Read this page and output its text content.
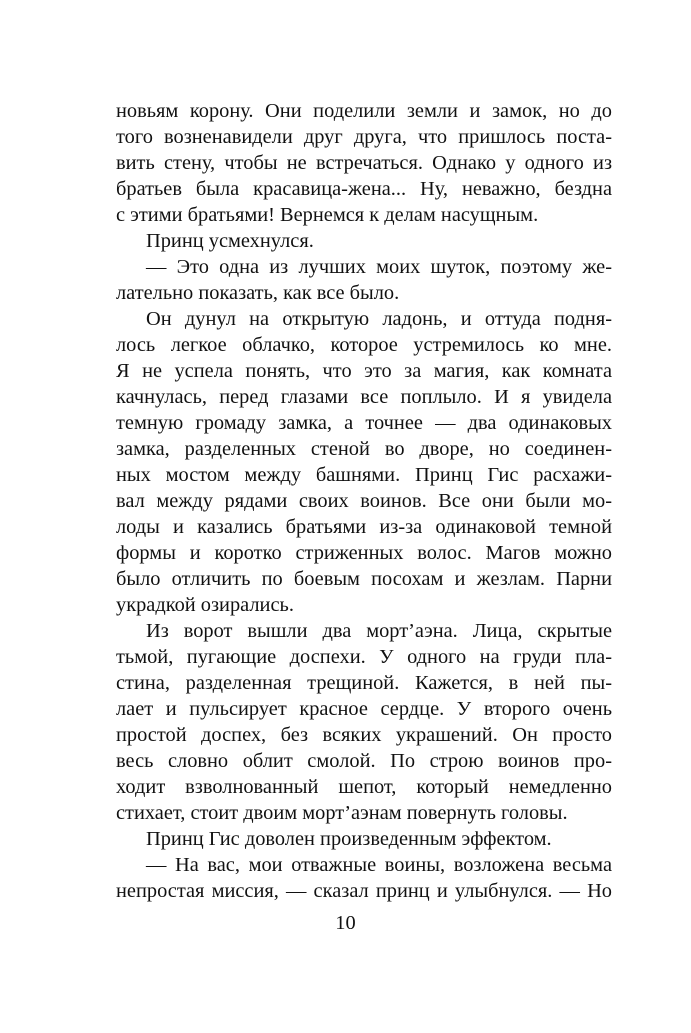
новьям корону. Они поделили земли и замок, но до
того возненавидели друг друга, что пришлось поста-
вить стену, чтобы не встречаться. Однако у одного из
братьев была красавица-жена... Ну, неважно, бездна
с этими братьями! Вернемся к делам насущным.
Принц усмехнулся.
— Это одна из лучших моих шуток, поэтому же-
лательно показать, как все было.
Он дунул на открытую ладонь, и оттуда подня-
лось легкое облачко, которое устремилось ко мне.
Я не успела понять, что это за магия, как комната
качнулась, перед глазами все поплыло. И я увидела
темную громаду замка, а точнее — два одинаковых
замка, разделенных стеной во дворе, но соединен-
ных мостом между башнями. Принц Гис расхажи-
вал между рядами своих воинов. Все они были мо-
лоды и казались братьями из-за одинаковой темной
формы и коротко стриженных волос. Магов можно
было отличить по боевым посохам и жезлам. Парни
украдкой озирались.
Из ворот вышли два морт’аэна. Лица, скрытые
тьмой, пугающие доспехи. У одного на груди пла-
стина, разделенная трещиной. Кажется, в ней пы-
лает и пульсирует красное сердце. У второго очень
простой доспех, без всяких украшений. Он просто
весь словно облит смолой. По строю воинов про-
ходит взволнованный шепот, который немедленно
стихает, стоит двоим морт’аэнам повернуть головы.
Принц Гис доволен произведенным эффектом.
— На вас, мои отважные воины, возложена весьма
непростая миссия, — сказал принц и улыбнулся. — Но
10
